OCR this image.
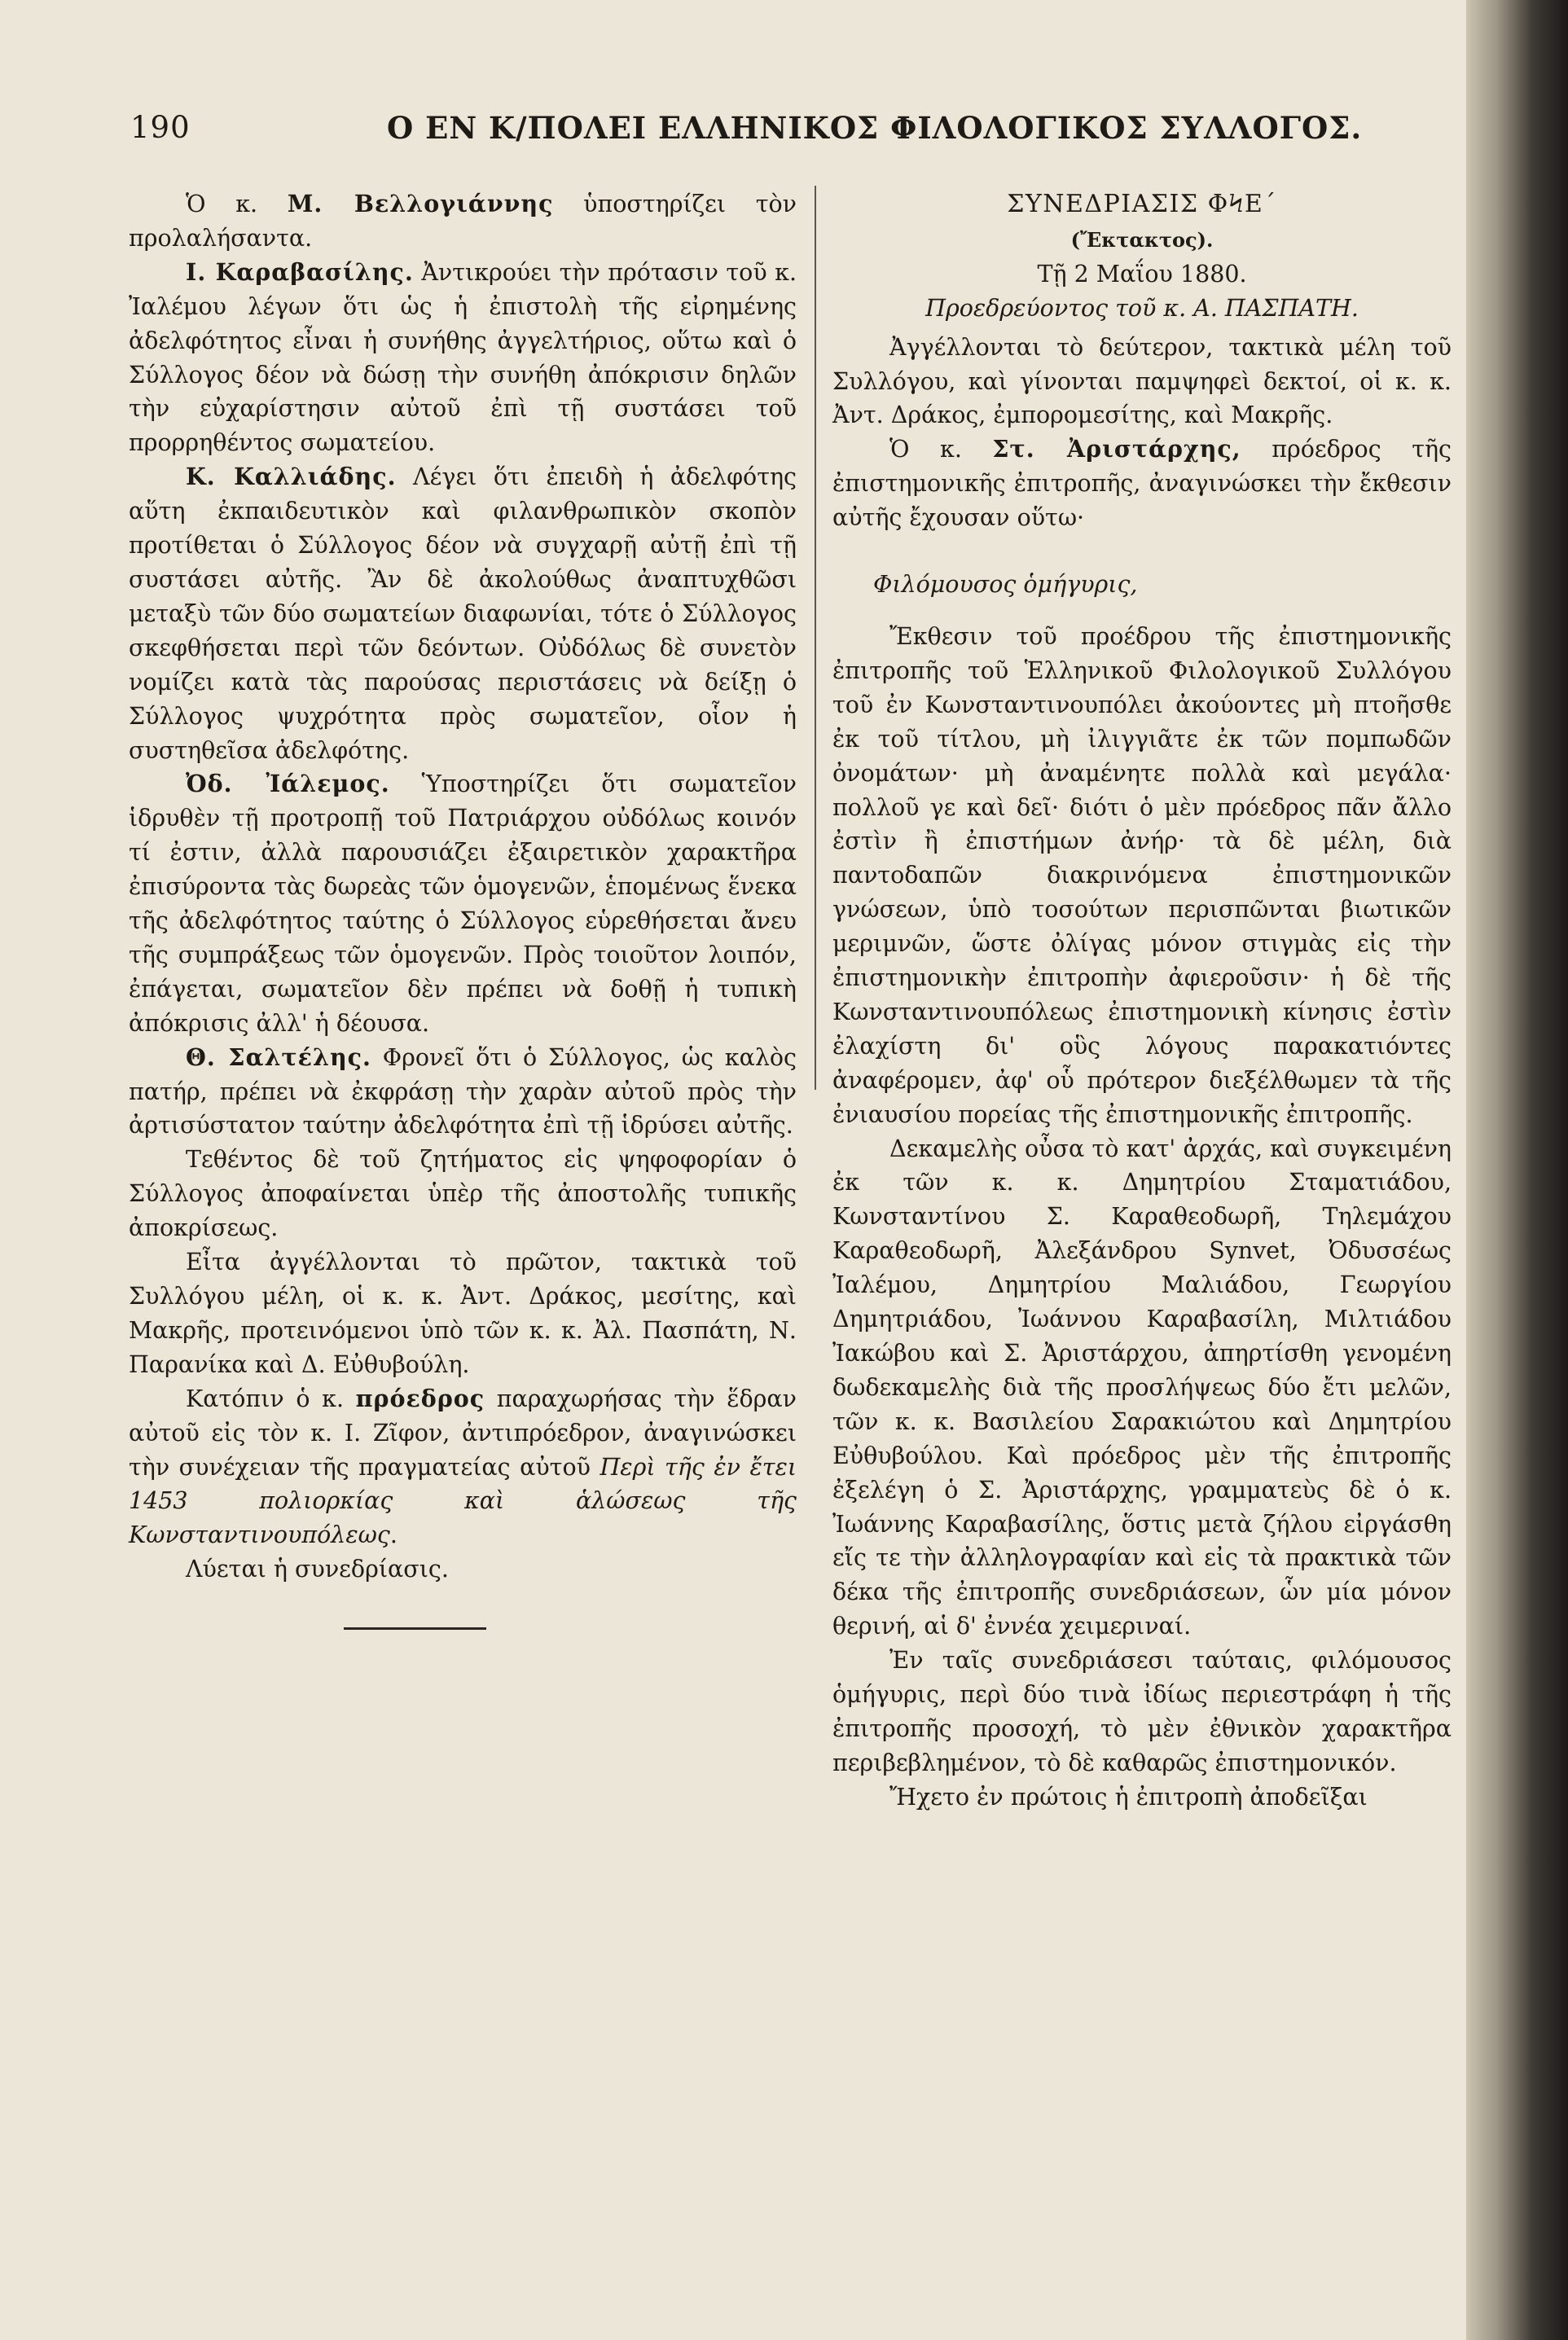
190	Ο ΕΝ Κ/ΠΟΛΕΙ ΕΛΛΗΝΙΚΟΣ ΦΙΛΟΛΟΓΙΚΟΣ ΣΥΛΛΟΓΟΣ.

Ὁ κ. Μ. Βελλογιάννης ὑποστηρίζει τὸν προλαλήσαντα.

Ι. Καραβασίλης. Ἀντικρούει τὴν πρότασιν τοῦ κ. Ἰαλέμου λέγων ὅτι ὡς ἡ ἐπιστολὴ τῆς εἰρημένης ἀδελφότητος εἶναι ἡ συνήθης ἀγγελτήριος, οὕτω καὶ ὁ Σύλλογος δέον νὰ δώσῃ τὴν συνήθη ἀπόκρισιν δηλῶν τὴν εὐχαρίστησιν αὐτοῦ ἐπὶ τῇ συστάσει τοῦ προρρηθέντος σωματείου.

Κ. Καλλιάδης. Λέγει ὅτι ἐπειδὴ ἡ ἀδελφότης αὕτη ἐκπαιδευτικὸν καὶ φιλανθρωπικὸν σκοπὸν προτίθεται ὁ Σύλλογος δέον νὰ συγχαρῇ αὐτῇ ἐπὶ τῇ συστάσει αὐτῆς. Ἂν δὲ ἀκολούθως ἀναπτυχθῶσι μεταξὺ τῶν δύο σωματείων διαφωνίαι, τότε ὁ Σύλλογος σκεφθήσεται περὶ τῶν δεόντων. Οὐδόλως δὲ συνετὸν νομίζει κατὰ τὰς παρούσας περιστάσεις νὰ δείξῃ ὁ Σύλλογος ψυχρότητα πρὸς σωματεῖον, οἷον ἡ συστηθεῖσα ἀδελφότης.

Ὀδ. Ἰάλεμος. Ὑποστηρίζει ὅτι σωματεῖον ἱδρυθὲν τῇ προτροπῇ τοῦ Πατριάρχου οὐδόλως κοινόν τί ἐστιν, ἀλλὰ παρουσιάζει ἐξαιρετικὸν χαρακτῆρα ἐπισύροντα τὰς δωρεὰς τῶν ὁμογενῶν, ἑπομένως ἕνεκα τῆς ἀδελφότητος ταύτης ὁ Σύλλογος εὑρεθήσεται ἄνευ τῆς συμπράξεως τῶν ὁμογενῶν. Πρὸς τοιοῦτον λοιπόν, ἐπάγεται, σωματεῖον δὲν πρέπει νὰ δοθῇ ἡ τυπικὴ ἀπόκρισις ἀλλ' ἡ δέουσα.

Θ. Σαλτέλης. Φρονεῖ ὅτι ὁ Σύλλογος, ὡς καλὸς πατήρ, πρέπει νὰ ἐκφράσῃ τὴν χαρὰν αὐτοῦ πρὸς τὴν ἀρτισύστατον ταύτην ἀδελφότητα ἐπὶ τῇ ἱδρύσει αὐτῆς.

Τεθέντος δὲ τοῦ ζητήματος εἰς ψηφοφορίαν ὁ Σύλλογος ἀποφαίνεται ὑπὲρ τῆς ἀποστολῆς τυπικῆς ἀποκρίσεως.

Εἶτα ἀγγέλλονται τὸ πρῶτον, τακτικὰ τοῦ Συλλόγου μέλη, οἱ κ. κ. Ἀντ. Δράκος, μεσίτης, καὶ Μακρῆς, προτεινόμενοι ὑπὸ τῶν κ. κ. Ἀλ. Πασπάτη, Ν. Παρανίκα καὶ Δ. Εὐθυβούλη.

Κατόπιν ὁ κ. πρόεδρος παραχωρήσας τὴν ἕδραν αὐτοῦ εἰς τὸν κ. Ι. Ζῖφον, ἀντιπρόεδρον, ἀναγινώσκει τὴν συνέχειαν τῆς πραγματείας αὐτοῦ Περὶ τῆς ἐν ἔτει 1453 πολιορκίας καὶ ἁλώσεως τῆς Κωνσταντινουπόλεως.

Λύεται ἡ συνεδρίασις.

ΣΥΝΕΔΡΙΑΣΙΣ ΦϞΕ΄

(Ἔκτακτος).

Τῇ 2 Μαΐου 1880.

Προεδρεύοντος τοῦ κ. Α. ΠΑΣΠΑΤΗ.

Ἀγγέλλονται τὸ δεύτερον, τακτικὰ μέλη τοῦ Συλλόγου, καὶ γίνονται παμψηφεὶ δεκτοί, οἱ κ. κ. Ἀντ. Δράκος, ἐμπορομεσίτης, καὶ Μακρῆς.

Ὁ κ. Στ. Ἀριστάρχης, πρόεδρος τῆς ἐπιστημονικῆς ἐπιτροπῆς, ἀναγινώσκει τὴν ἔκθεσιν αὐτῆς ἔχουσαν οὕτω·

Φιλόμουσος ὁμήγυρις,

Ἔκθεσιν τοῦ προέδρου τῆς ἐπιστημονικῆς ἐπιτροπῆς τοῦ Ἑλληνικοῦ Φιλολογικοῦ Συλλόγου τοῦ ἐν Κωνσταντινουπόλει ἀκούοντες μὴ πτοῆσθε ἐκ τοῦ τίτλου, μὴ ἰλιγγιᾶτε ἐκ τῶν πομπωδῶν ὀνομάτων· μὴ ἀναμένητε πολλὰ καὶ μεγάλα· πολλοῦ γε καὶ δεῖ· διότι ὁ μὲν πρόεδρος πᾶν ἄλλο ἐστὶν ἢ ἐπιστήμων ἀνήρ· τὰ δὲ μέλη, διὰ παντοδαπῶν διακρινόμενα ἐπιστημονικῶν γνώσεων, ὑπὸ τοσούτων περισπῶνται βιωτικῶν μεριμνῶν, ὥστε ὀλίγας μόνον στιγμὰς εἰς τὴν ἐπιστημονικὴν ἐπιτροπὴν ἀφιεροῦσιν· ἡ δὲ τῆς Κωνσταντινουπόλεως ἐπιστημονικὴ κίνησις ἐστὶν ἐλαχίστη δι' οὓς λόγους παρακατιόντες ἀναφέρομεν, ἀφ' οὗ πρότερον διεξέλθωμεν τὰ τῆς ἐνιαυσίου πορείας τῆς ἐπιστημονικῆς ἐπιτροπῆς.

Δεκαμελὴς οὖσα τὸ κατ' ἀρχάς, καὶ συγκειμένη ἐκ τῶν κ. κ. Δημητρίου Σταματιάδου, Κωνσταντίνου Σ. Καραθεοδωρῆ, Τηλεμάχου Καραθεοδωρῆ, Ἀλεξάνδρου Synvet, Ὀδυσσέως Ἰαλέμου, Δημητρίου Μαλιάδου, Γεωργίου Δημητριάδου, Ἰωάννου Καραβασίλη, Μιλτιάδου Ἰακώβου καὶ Σ. Ἀριστάρχου, ἀπηρτίσθη γενομένη δωδεκαμελὴς διὰ τῆς προσλήψεως δύο ἔτι μελῶν, τῶν κ. κ. Βασιλείου Σαρακιώτου καὶ Δημητρίου Εὐθυβούλου. Καὶ πρόεδρος μὲν τῆς ἐπιτροπῆς ἐξελέγη ὁ Σ. Ἀριστάρχης, γραμματεὺς δὲ ὁ κ. Ἰωάννης Καραβασίλης, ὅστις μετὰ ζήλου εἰργάσθη εἴς τε τὴν ἀλληλογραφίαν καὶ εἰς τὰ πρακτικὰ τῶν δέκα τῆς ἐπιτροπῆς συνεδριάσεων, ὧν μία μόνον θερινή, αἱ δ' ἐννέα χειμεριναί.

Ἐν ταῖς συνεδριάσεσι ταύταις, φιλόμουσος ὁμήγυρις, περὶ δύο τινὰ ἰδίως περιεστράφη ἡ τῆς ἐπιτροπῆς προσοχή, τὸ μὲν ἐθνικὸν χαρακτῆρα περιβεβλημένον, τὸ δὲ καθαρῶς ἐπιστημονικόν.

Ἤχετο ἐν πρώτοις ἡ ἐπιτροπὴ ἀποδεῖξαι
